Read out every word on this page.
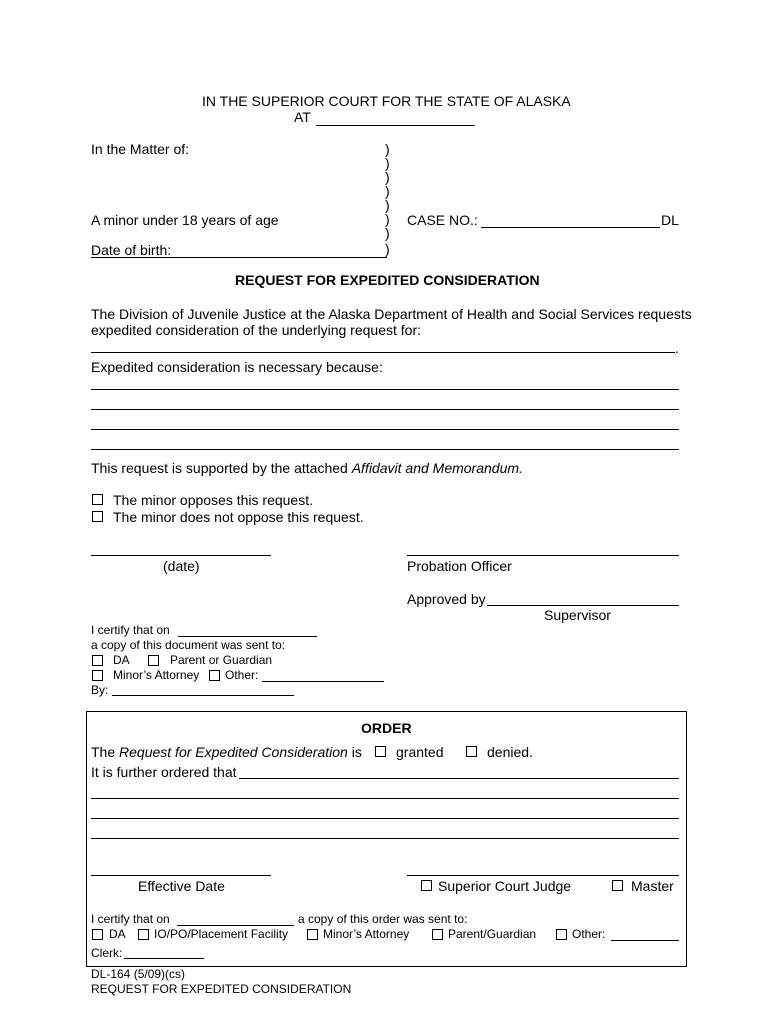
IN THE SUPERIOR COURT FOR THE STATE OF ALASKA
AT
In the Matter of:	)
)
)
)
)
)
)
)
A minor under 18 years of age
Date of birth:
CASE NO.:	DL
REQUEST FOR EXPEDITED CONSIDERATION
The Division of Juvenile Justice at the Alaska Department of Health and Social Services requests
expedited consideration of the underlying request for:
.
Expedited consideration is necessary because:
This request is supported by the attached Affidavit and Memorandum.
The minor opposes this request.
The minor does not oppose this request.
(date)	Probation Officer
Approved by
Supervisor
I certify that on
a copy of this document was sent to:
DA	Parent or Guardian
Minor’s Attorney Other:
By:
ORDER
The Request for Expedited Consideration is granted	denied.
It is further ordered that
Effective Date	Superior Court Judge	Master
I certify that on	a copy of this order was sent to:
DA IO/PO/Placement Facility	Minor’s Attorney	Parent/Guardian	Other:
Clerk:
DL-164 (5/09)(cs)
REQUEST FOR EXPEDITED CONSIDERATION
